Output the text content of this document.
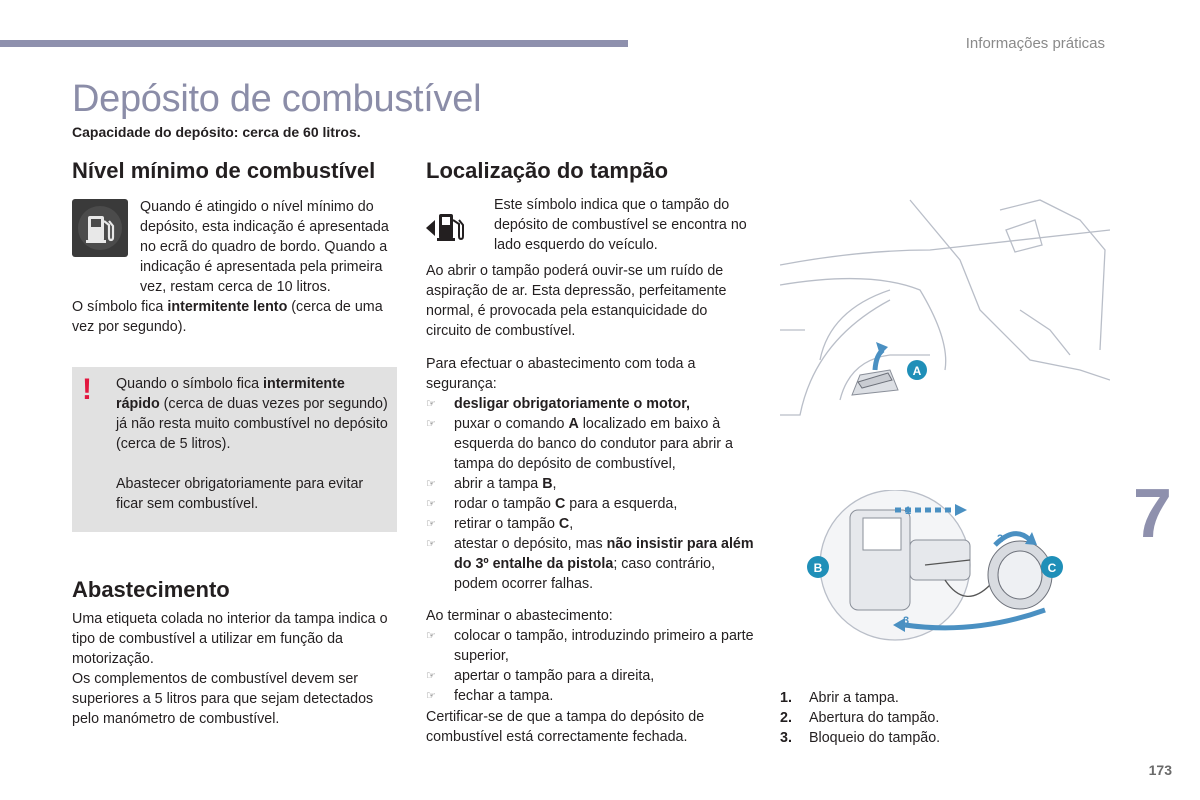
Informações práticas
Depósito de combustível

Capacidade do depósito: cerca de 60 litros.

Nível mínimo de combustível

Quando é atingido o nível mínimo do depósito, esta indicação é apresentada no ecrã do quadro de bordo. Quando a indicação é apresentada pela primeira vez, restam cerca de 10 litros.

O símbolo fica intermitente lento (cerca de uma vez por segundo).

! Quando o símbolo fica intermitente rápido (cerca de duas vezes por segundo) já não resta muito combustível no depósito (cerca de 5 litros).

Abastecer obrigatoriamente para evitar ficar sem combustível.

Abastecimento

Uma etiqueta colada no interior da tampa indica o tipo de combustível a utilizar em função da motorização.

Os complementos de combustível devem ser superiores a 5 litros para que sejam detectados pelo manómetro de combustível.

Localização do tampão

Este símbolo indica que o tampão do depósito de combustível se encontra no lado esquerdo do veículo.

Ao abrir o tampão poderá ouvir-se um ruído de aspiração de ar. Esta depressão, perfeitamente normal, é provocada pela estanquicidade do circuito de combustível.

Para efectuar o abastecimento com toda a segurança:

☞ desligar obrigatoriamente o motor,
☞ puxar o comando A localizado em baixo à esquerda do banco do condutor para abrir a tampa do depósito de combustível,
☞ abrir a tampa B,
☞ rodar o tampão C para a esquerda,
☞ retirar o tampão C,
☞ atestar o depósito, mas não insistir para além do 3º entalhe da pistola; caso contrário, podem ocorrer falhas.

Ao terminar o abastecimento:

☞ colocar o tampão, introduzindo primeiro a parte superior,
☞ apertar o tampão para a direita,
☞ fechar a tampa.

Certificar-se de que a tampa do depósito de combustível está correctamente fechada.

A
B	C
1
2
3
1. Abrir a tampa.
2. Abertura do tampão.
3. Bloqueio do tampão.
7
173
